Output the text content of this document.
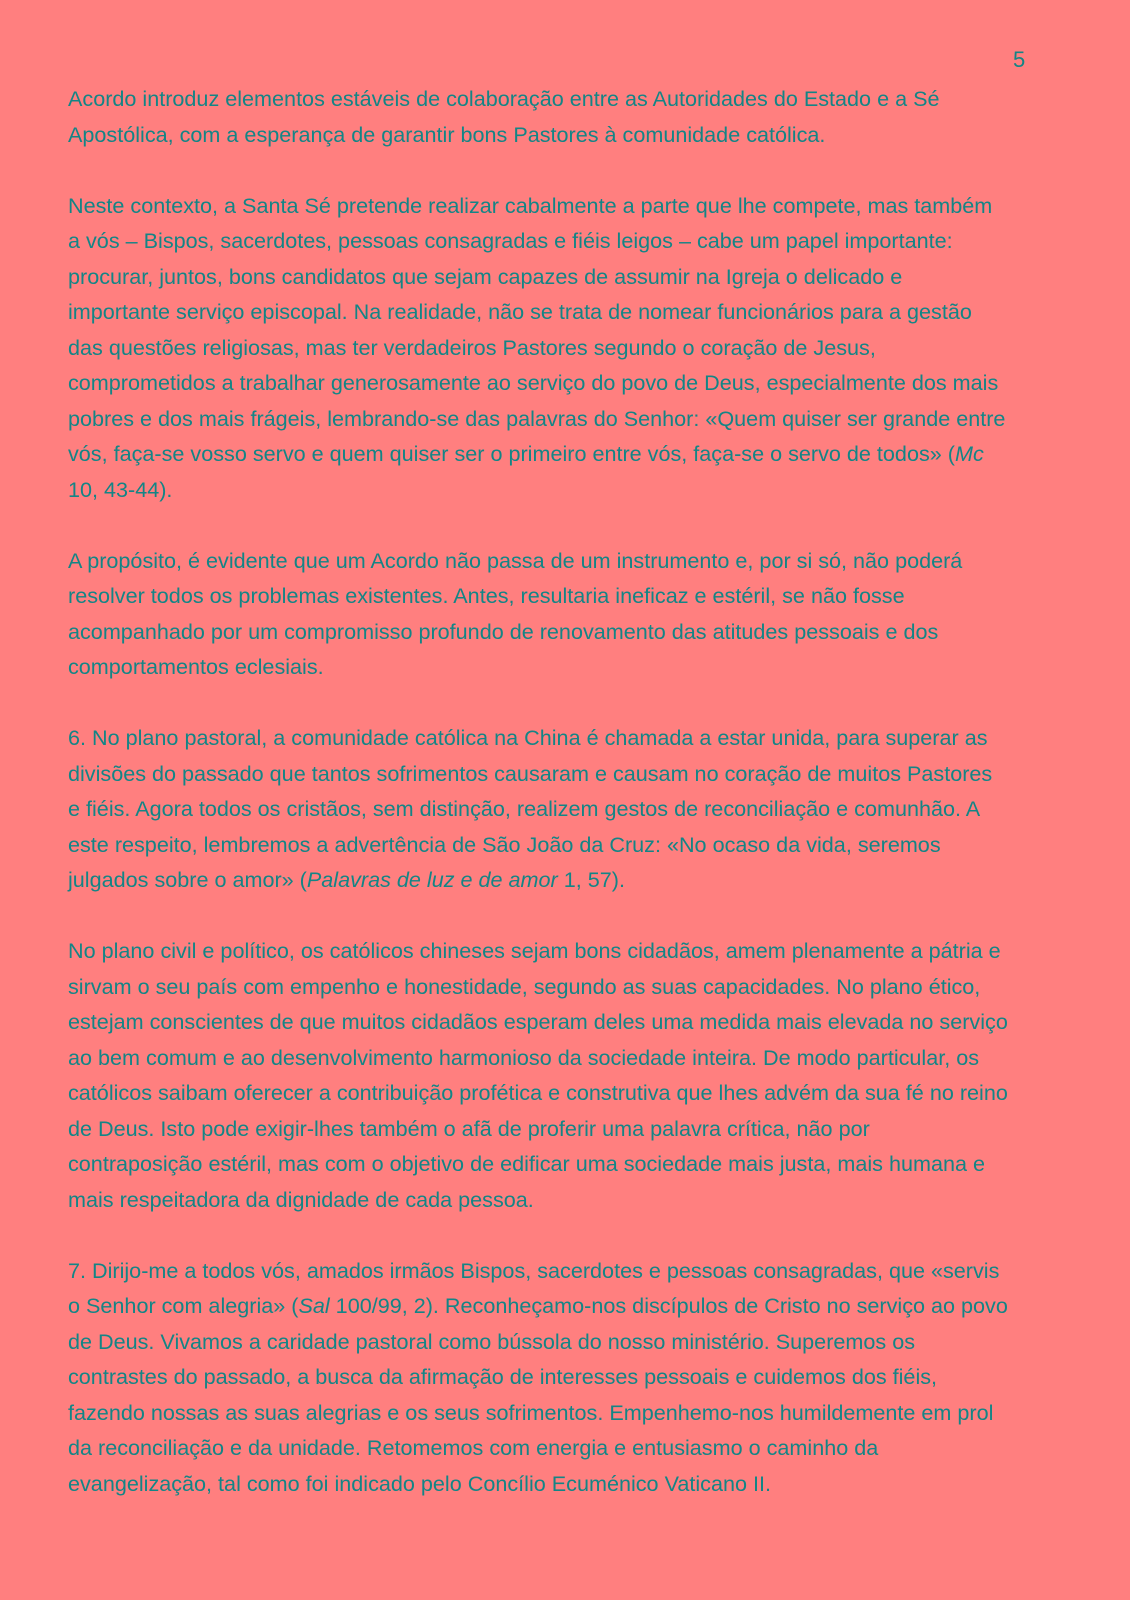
5

Acordo introduz elementos estáveis de colaboração entre as Autoridades do Estado e a Sé
Apostólica, com a esperança de garantir bons Pastores à comunidade católica.

Neste contexto, a Santa Sé pretende realizar cabalmente a parte que lhe compete, mas também
a vós – Bispos, sacerdotes, pessoas consagradas e fiéis leigos – cabe um papel importante:
procurar, juntos, bons candidatos que sejam capazes de assumir na Igreja o delicado e
importante serviço episcopal. Na realidade, não se trata de nomear funcionários para a gestão
das questões religiosas, mas ter verdadeiros Pastores segundo o coração de Jesus,
comprometidos a trabalhar generosamente ao serviço do povo de Deus, especialmente dos mais
pobres e dos mais frágeis, lembrando-se das palavras do Senhor: «Quem quiser ser grande entre
vós, faça-se vosso servo e quem quiser ser o primeiro entre vós, faça-se o servo de todos» (Mc
10, 43-44).

A propósito, é evidente que um Acordo não passa de um instrumento e, por si só, não poderá
resolver todos os problemas existentes. Antes, resultaria ineficaz e estéril, se não fosse
acompanhado por um compromisso profundo de renovamento das atitudes pessoais e dos
comportamentos eclesiais.

6. No plano pastoral, a comunidade católica na China é chamada a estar unida, para superar as
divisões do passado que tantos sofrimentos causaram e causam no coração de muitos Pastores
e fiéis. Agora todos os cristãos, sem distinção, realizem gestos de reconciliação e comunhão. A
este respeito, lembremos a advertência de São João da Cruz: «No ocaso da vida, seremos
julgados sobre o amor» (Palavras de luz e de amor 1, 57).

No plano civil e político, os católicos chineses sejam bons cidadãos, amem plenamente a pátria e
sirvam o seu país com empenho e honestidade, segundo as suas capacidades. No plano ético,
estejam conscientes de que muitos cidadãos esperam deles uma medida mais elevada no serviço
ao bem comum e ao desenvolvimento harmonioso da sociedade inteira. De modo particular, os
católicos saibam oferecer a contribuição profética e construtiva que lhes advém da sua fé no reino
de Deus. Isto pode exigir-lhes também o afã de proferir uma palavra crítica, não por
contraposição estéril, mas com o objetivo de edificar uma sociedade mais justa, mais humana e
mais respeitadora da dignidade de cada pessoa.

7. Dirijo-me a todos vós, amados irmãos Bispos, sacerdotes e pessoas consagradas, que «servis
o Senhor com alegria» (Sal 100/99, 2). Reconheçamo-nos discípulos de Cristo no serviço ao povo
de Deus. Vivamos a caridade pastoral como bússola do nosso ministério. Superemos os
contrastes do passado, a busca da afirmação de interesses pessoais e cuidemos dos fiéis,
fazendo nossas as suas alegrias e os seus sofrimentos. Empenhemo-nos humildemente em prol
da reconciliação e da unidade. Retomemos com energia e entusiasmo o caminho da
evangelização, tal como foi indicado pelo Concílio Ecuménico Vaticano II.
